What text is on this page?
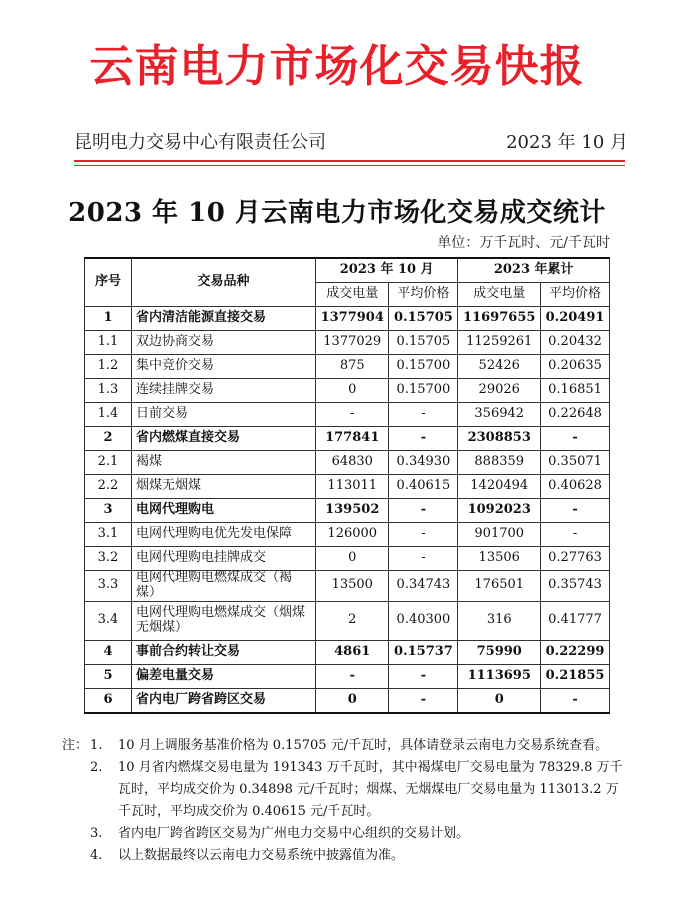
云南电力市场化交易快报
昆明电力交易中心有限责任公司	2023 年 10 月
2023 年 10 月云南电力市场化交易成交统计
单位：万千瓦时、元/千瓦时
序号	交易品种	2023 年 10 月		2023 年累计	
		成交电量	平均价格	成交电量	平均价格
1	省内清洁能源直接交易	1377904	0.15705	11697655	0.20491
1.1	双边协商交易	1377029	0.15705	11259261	0.20432
1.2	集中竞价交易	875	0.15700	52426	0.20635
1.3	连续挂牌交易	0	0.15700	29026	0.16851
1.4	日前交易	-	-	356942	0.22648
2	省内燃煤直接交易	177841	-	2308853	-
2.1	褐煤	64830	0.34930	888359	0.35071
2.2	烟煤无烟煤	113011	0.40615	1420494	0.40628
3	电网代理购电	139502	-	1092023	-
3.1	电网代理购电优先发电保障	126000	-	901700	-
3.2	电网代理购电挂牌成交	0	-	13506	0.27763
3.3	电网代理购电燃煤成交（褐煤）	13500	0.34743	176501	0.35743
3.4	电网代理购电燃煤成交（烟煤无烟煤）	2	0.40300	316	0.41777
4	事前合约转让交易	4861	0.15737	75990	0.22299
5	偏差电量交易	-	-	1113695	0.21855
6	省内电厂跨省跨区交易	0	-	0	-
注： 1.	10 月上调服务基准价格为 0.15705 元/千瓦时，具体请登录云南电力交易系统查看。
2.	10 月省内燃煤交易电量为 191343 万千瓦时，其中褐煤电厂交易电量为 78329.8 万千瓦时，平均成交价为 0.34898 元/千瓦时；烟煤、无烟煤电厂交易电量为 113013.2 万千瓦时，平均成交价为 0.40615 元/千瓦时。
3.	省内电厂跨省跨区交易为广州电力交易中心组织的交易计划。
4.	以上数据最终以云南电力交易系统中披露值为准。
